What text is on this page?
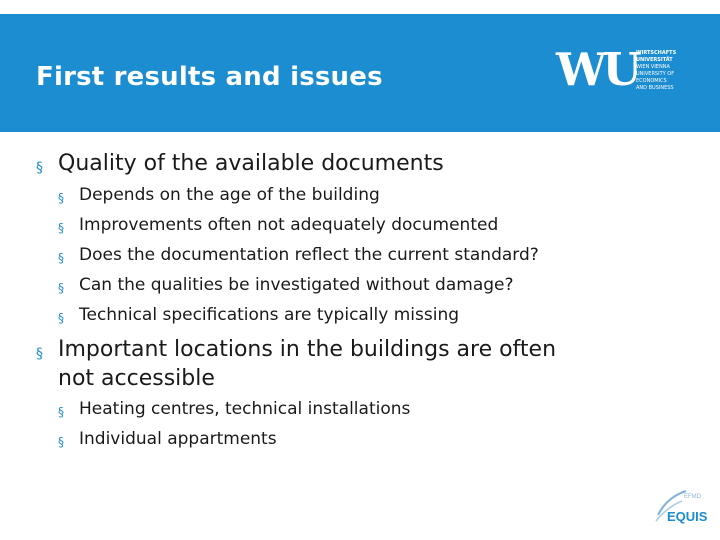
WU
WIRTSCHAFTS
UNIVERSITÄT
WIEN VIENNA
UNIVERSITY OF
ECONOMICS
AND BUSINESS
First results and issues
§ Quality of the available documents
§ Depends on the age of the building
§ Improvements often not adequately documented
§ Does the documentation reflect the current standard?
§ Can the qualities be investigated without damage?
§ Technical specifications are typically missing
§ Important locations in the buildings are often
not accessible
§ Heating centres, technical installations
§ Individual appartments
EFMD
EQUIS
